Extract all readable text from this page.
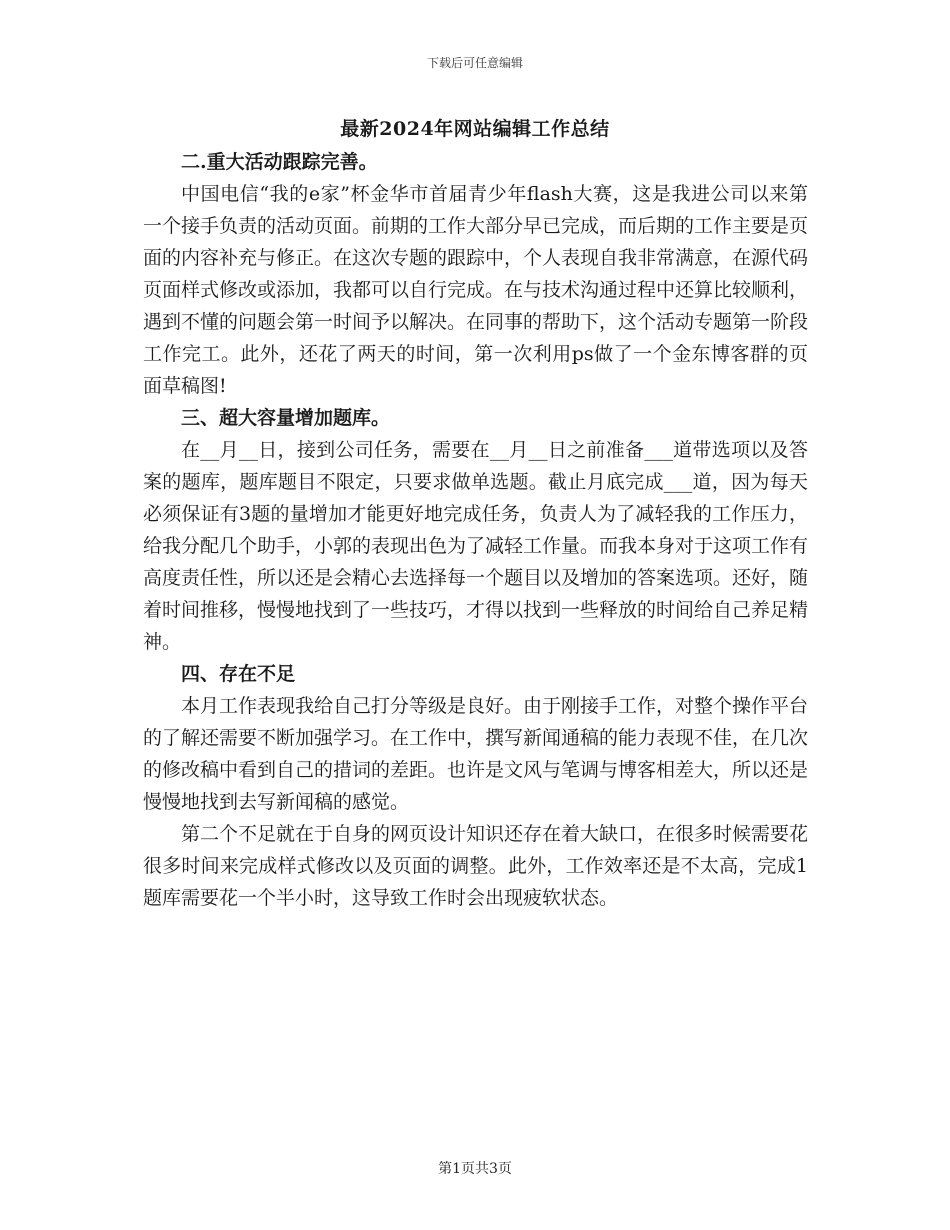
下载后可任意编辑
最新2024年网站编辑工作总结
二.重大活动跟踪完善。

中国电信“我的e家”杯金华市首届青少年flash大赛，这是我进公司以来第一个接手负责的活动页面。前期的工作大部分早已完成，而后期的工作主要是页面的内容补充与修正。在这次专题的跟踪中，个人表现自我非常满意，在源代码页面样式修改或添加，我都可以自行完成。在与技术沟通过程中还算比较顺利，遇到不懂的问题会第一时间予以解决。在同事的帮助下，这个活动专题第一阶段工作完工。此外，还花了两天的时间，第一次利用ps做了一个金东博客群的页面草稿图!

三、超大容量增加题库。

在__月__日，接到公司任务，需要在__月__日之前准备___道带选项以及答案的题库，题库题目不限定，只要求做单选题。截止月底完成___道，因为每天必须保证有3题的量增加才能更好地完成任务，负责人为了减轻我的工作压力，给我分配几个助手，小郭的表现出色为了减轻工作量。而我本身对于这项工作有高度责任性，所以还是会精心去选择每一个题目以及增加的答案选项。还好，随着时间推移，慢慢地找到了一些技巧，才得以找到一些释放的时间给自己养足精神。

四、存在不足

本月工作表现我给自己打分等级是良好。由于刚接手工作，对整个操作平台的了解还需要不断加强学习。在工作中，撰写新闻通稿的能力表现不佳，在几次的修改稿中看到自己的措词的差距。也许是文风与笔调与博客相差大，所以还是慢慢地找到去写新闻稿的感觉。

第二个不足就在于自身的网页设计知识还存在着大缺口，在很多时候需要花很多时间来完成样式修改以及页面的调整。此外，工作效率还是不太高，完成1题库需要花一个半小时，这导致工作时会出现疲软状态。

第1页共3页
